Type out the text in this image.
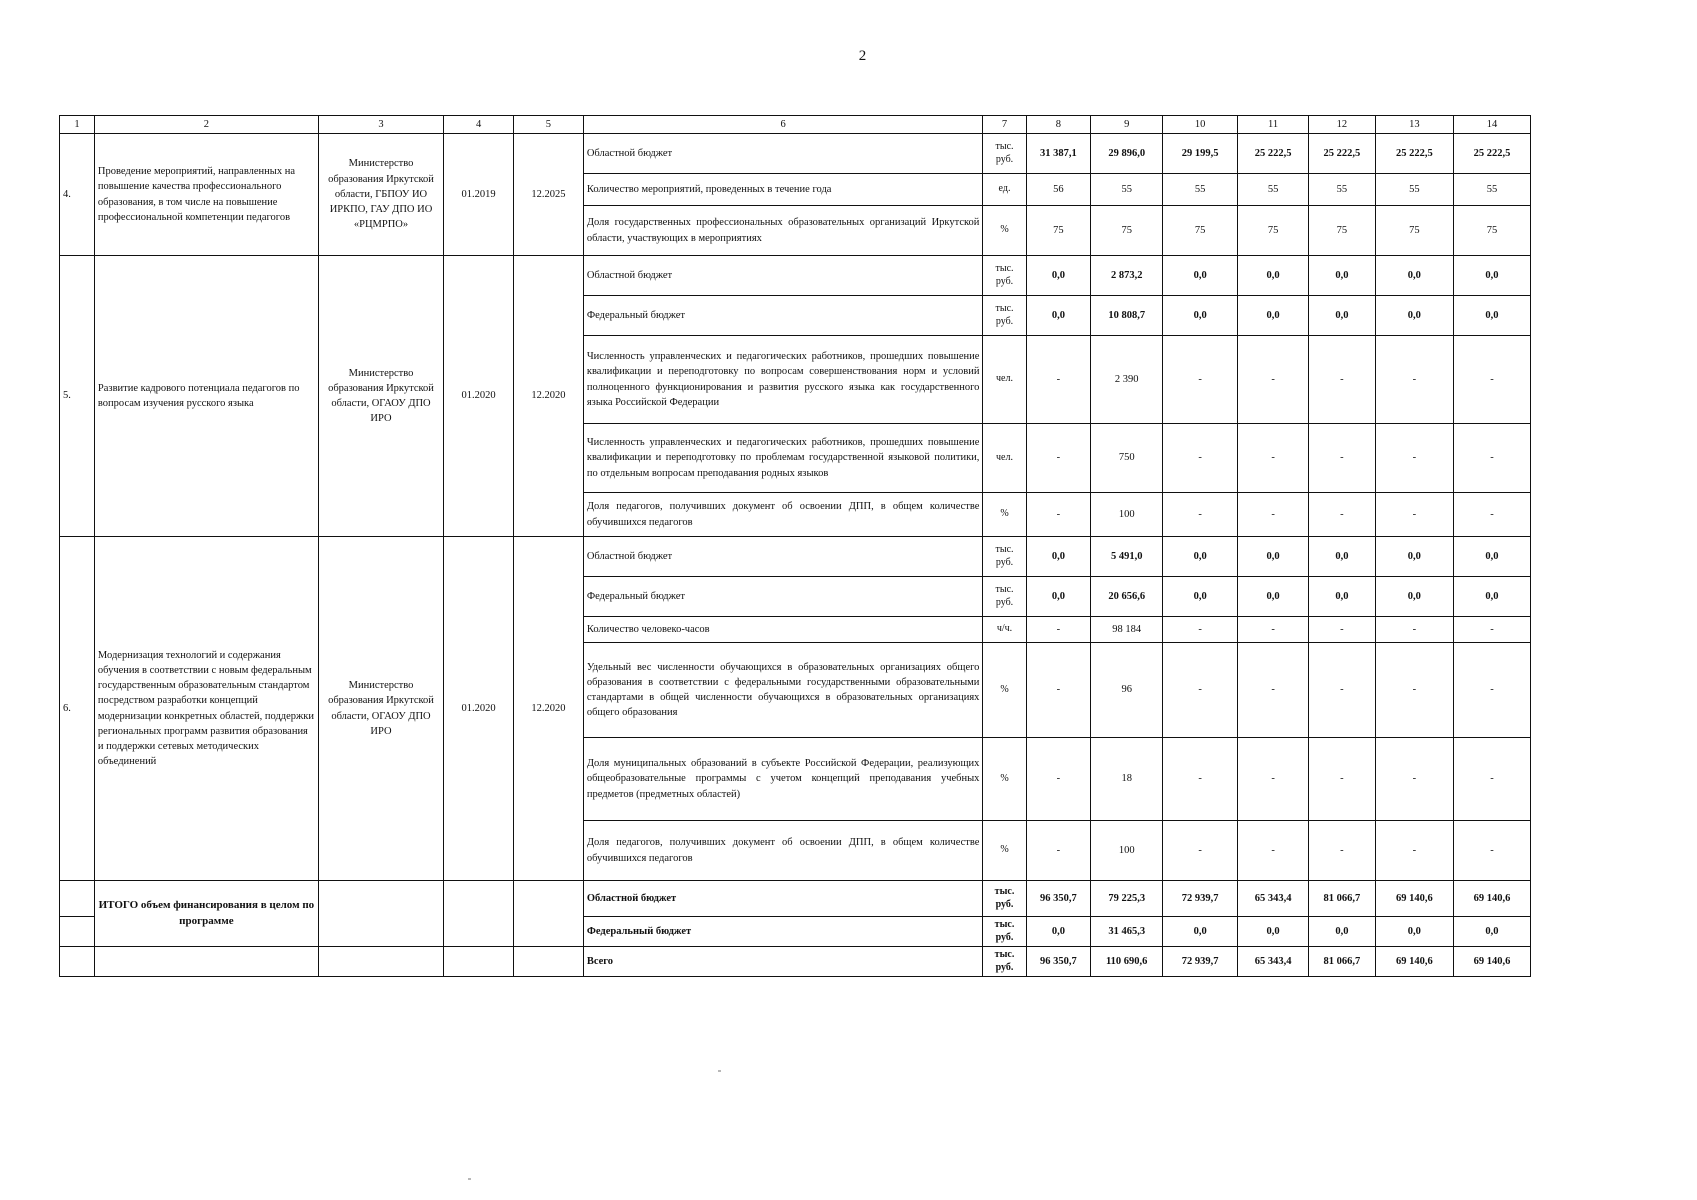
2
1	2	3	4	5	6	7	8	9	10	11	12	13	14
4.	Проведение мероприятий, направленных на повышение качества профессионального образования, в том числе на повышение профессиональной компетенции педагогов	Министерство образования Иркутской области, ГБПОУ ИО ИРКПО, ГАУ ДПО ИО «РЦМРПО»	01.2019	12.2025	Областной бюджет	тыс. руб.	31 387,1	29 896,0	29 199,5	25 222,5	25 222,5	25 222,5	25 222,5
					Количество мероприятий, проведенных в течение года	ед.	56	55	55	55	55	55	55
					Доля государственных профессиональных образовательных организаций Иркутской области, участвующих в мероприятиях	%	75	75	75	75	75	75	75
5.	Развитие кадрового потенциала педагогов по вопросам изучения русского языка	Министерство образования Иркутской области, ОГАОУ ДПО ИРО	01.2020	12.2020	Областной бюджет	тыс. руб.	0,0	2 873,2	0,0	0,0	0,0	0,0	0,0
					Федеральный бюджет	тыс. руб.	0,0	10 808,7	0,0	0,0	0,0	0,0	0,0
					Численность управленческих и педагогических работников, прошедших повышение квалификации и переподготовку по вопросам совершенствования норм и условий полноценного функционирования и развития русского языка как государственного языка Российской Федерации	чел.	-	2 390	-	-	-	-	-
					Численность управленческих и педагогических работников, прошедших повышение квалификации и переподготовку по проблемам государственной языковой политики, по отдельным вопросам преподавания родных языков	чел.	-	750	-	-	-	-	-
					Доля педагогов, получивших документ об освоении ДПП, в общем количестве обучившихся педагогов	%	-	100	-	-	-	-	-
6.	Модернизация технологий и содержания обучения в соответствии с новым федеральным государственным образовательным стандартом посредством разработки концепций модернизации конкретных областей, поддержки региональных программ развития образования и поддержки сетевых методических объединений	Министерство образования Иркутской области, ОГАОУ ДПО ИРО	01.2020	12.2020	Областной бюджет	тыс. руб.	0,0	5 491,0	0,0	0,0	0,0	0,0	0,0
					Федеральный бюджет	тыс. руб.	0,0	20 656,6	0,0	0,0	0,0	0,0	0,0
					Количество человеко-часов	ч/ч.	-	98 184	-	-	-	-	-
					Удельный вес численности обучающихся в образовательных организациях общего образования в соответствии с федеральными государственными образовательными стандартами в общей численности обучающихся в образовательных организациях общего образования	%	-	96	-	-	-	-	-
					Доля муниципальных образований в субъекте Российской Федерации, реализующих общеобразовательные программы с учетом концепций преподавания учебных предметов (предметных областей)	%	-	18	-	-	-	-	-
					Доля педагогов, получивших документ об освоении ДПП, в общем количестве обучившихся педагогов	%	-	100	-	-	-	-	-
	ИТОГО объем финансирования в целом по программе				Областной бюджет	тыс. руб.	96 350,7	79 225,3	72 939,7	65 343,4	81 066,7	69 140,6	69 140,6
					Федеральный бюджет	тыс. руб.	0,0	31 465,3	0,0	0,0	0,0	0,0	0,0
					Всего	тыс. руб.	96 350,7	110 690,6	72 939,7	65 343,4	81 066,7	69 140,6	69 140,6
